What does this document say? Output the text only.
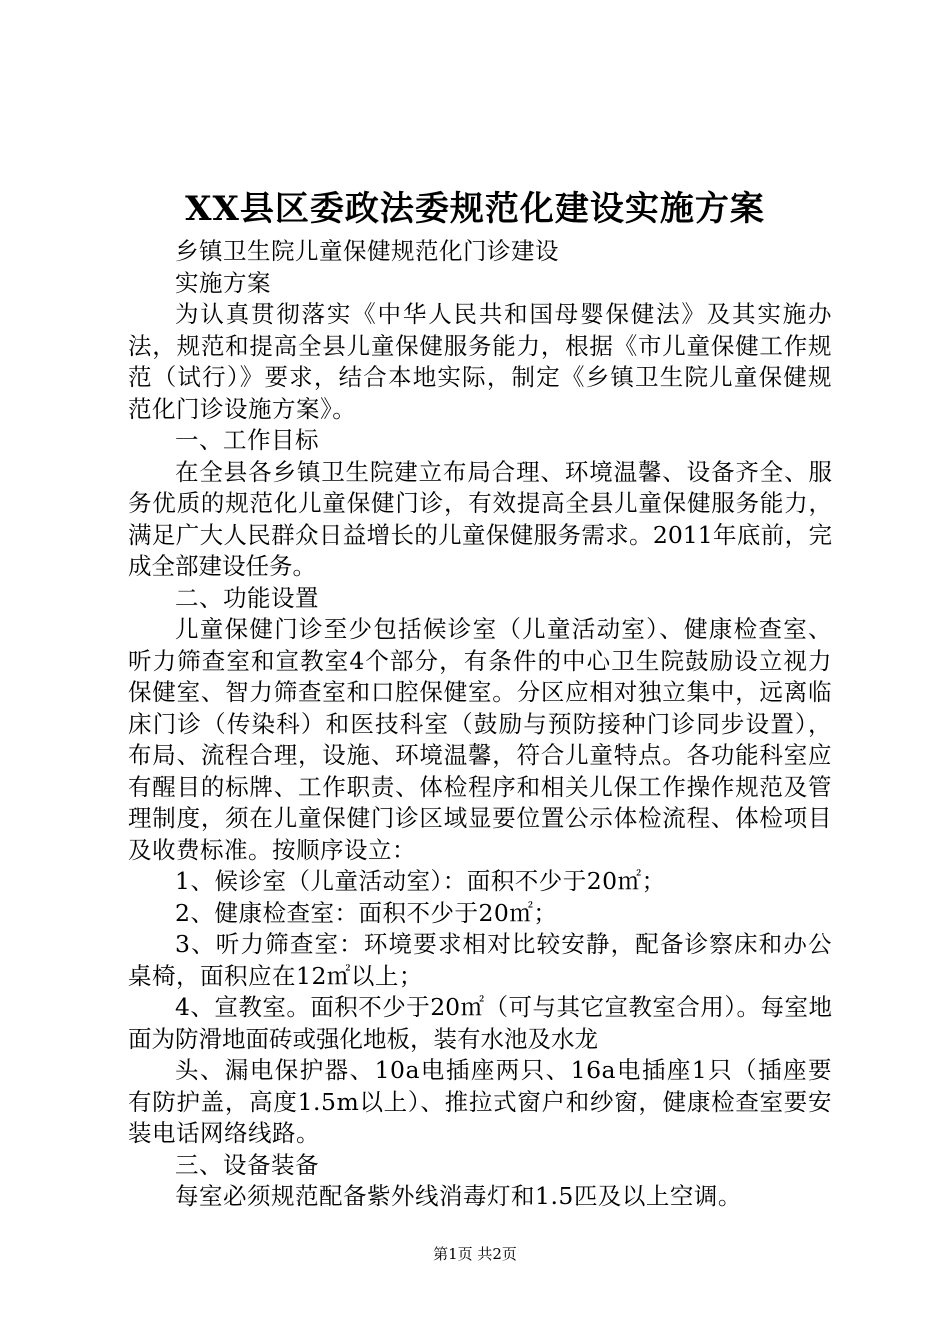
XX县区委政法委规范化建设实施方案

乡镇卫生院儿童保健规范化门诊建设

实施方案

为认真贯彻落实《中华人民共和国母婴保健法》及其实施办法，规范和提高全县儿童保健服务能力，根据《市儿童保健工作规范（试行）》要求，结合本地实际，制定《乡镇卫生院儿童保健规范化门诊设施方案》。

一、工作目标

在全县各乡镇卫生院建立布局合理、环境温馨、设备齐全、服务优质的规范化儿童保健门诊，有效提高全县儿童保健服务能力，满足广大人民群众日益增长的儿童保健服务需求。2011年底前，完成全部建设任务。

二、功能设置

儿童保健门诊至少包括候诊室（儿童活动室）、健康检查室、听力筛查室和宣教室4个部分，有条件的中心卫生院鼓励设立视力保健室、智力筛查室和口腔保健室。分区应相对独立集中，远离临床门诊（传染科）和医技科室（鼓励与预防接种门诊同步设置），布局、流程合理，设施、环境温馨，符合儿童特点。各功能科室应有醒目的标牌、工作职责、体检程序和相关儿保工作操作规范及管理制度，须在儿童保健门诊区域显要位置公示体检流程、体检项目及收费标准。按顺序设立：

1、候诊室（儿童活动室）：面积不少于20㎡；

2、健康检查室：面积不少于20㎡；

3、听力筛查室：环境要求相对比较安静，配备诊察床和办公桌椅，面积应在12㎡以上；

4、宣教室。面积不少于20㎡（可与其它宣教室合用）。每室地面为防滑地面砖或强化地板，装有水池及水龙

头、漏电保护器、10a电插座两只、16a电插座1只（插座要有防护盖，高度1.5m以上）、推拉式窗户和纱窗，健康检查室要安装电话网络线路。

三、设备装备

每室必须规范配备紫外线消毒灯和1.5匹及以上空调。

第1页 共2页
